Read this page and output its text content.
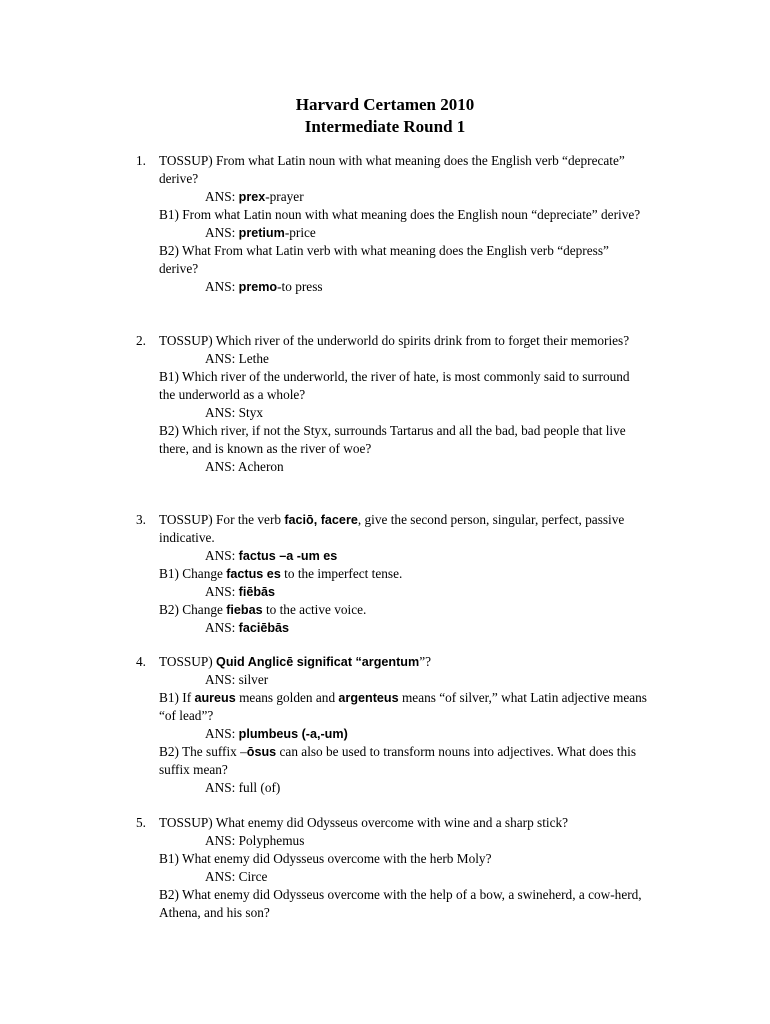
Harvard Certamen 2010
Intermediate Round 1
1. TOSSUP) From what Latin noun with what meaning does the English verb “deprecate” derive?

ANS: prex-prayer

B1) From what Latin noun with what meaning does the English noun “depreciate” derive?

ANS: pretium-price

B2) What From what Latin verb with what meaning does the English verb “depress” derive?

ANS: premo-to press
2. TOSSUP) Which river of the underworld do spirits drink from to forget their memories?

ANS: Lethe

B1) Which river of the underworld, the river of hate, is most commonly said to surround the underworld as a whole?

ANS: Styx

B2) Which river, if not the Styx, surrounds Tartarus and all the bad, bad people that live there, and is known as the river of woe?

ANS: Acheron
3. TOSSUP) For the verb faciō, facere, give the second person, singular, perfect, passive indicative.

ANS: factus –a -um es

B1) Change factus es to the imperfect tense.

ANS: fiēbās

B2) Change fiebas to the active voice.

ANS: faciēbās
4. TOSSUP) Quid Anglicē significat “argentum”?

ANS: silver

B1) If aureus means golden and argenteus means “of silver,” what Latin adjective means “of lead”?

ANS: plumbeus (-a,-um)

B2) The suffix –ōsus can also be used to transform nouns into adjectives. What does this suffix mean?

ANS: full (of)
5. TOSSUP) What enemy did Odysseus overcome with wine and a sharp stick?

ANS: Polyphemus

B1) What enemy did Odysseus overcome with the herb Moly?

ANS: Circe

B2) What enemy did Odysseus overcome with the help of a bow, a swineherd, a cow-herd, Athena, and his son?
